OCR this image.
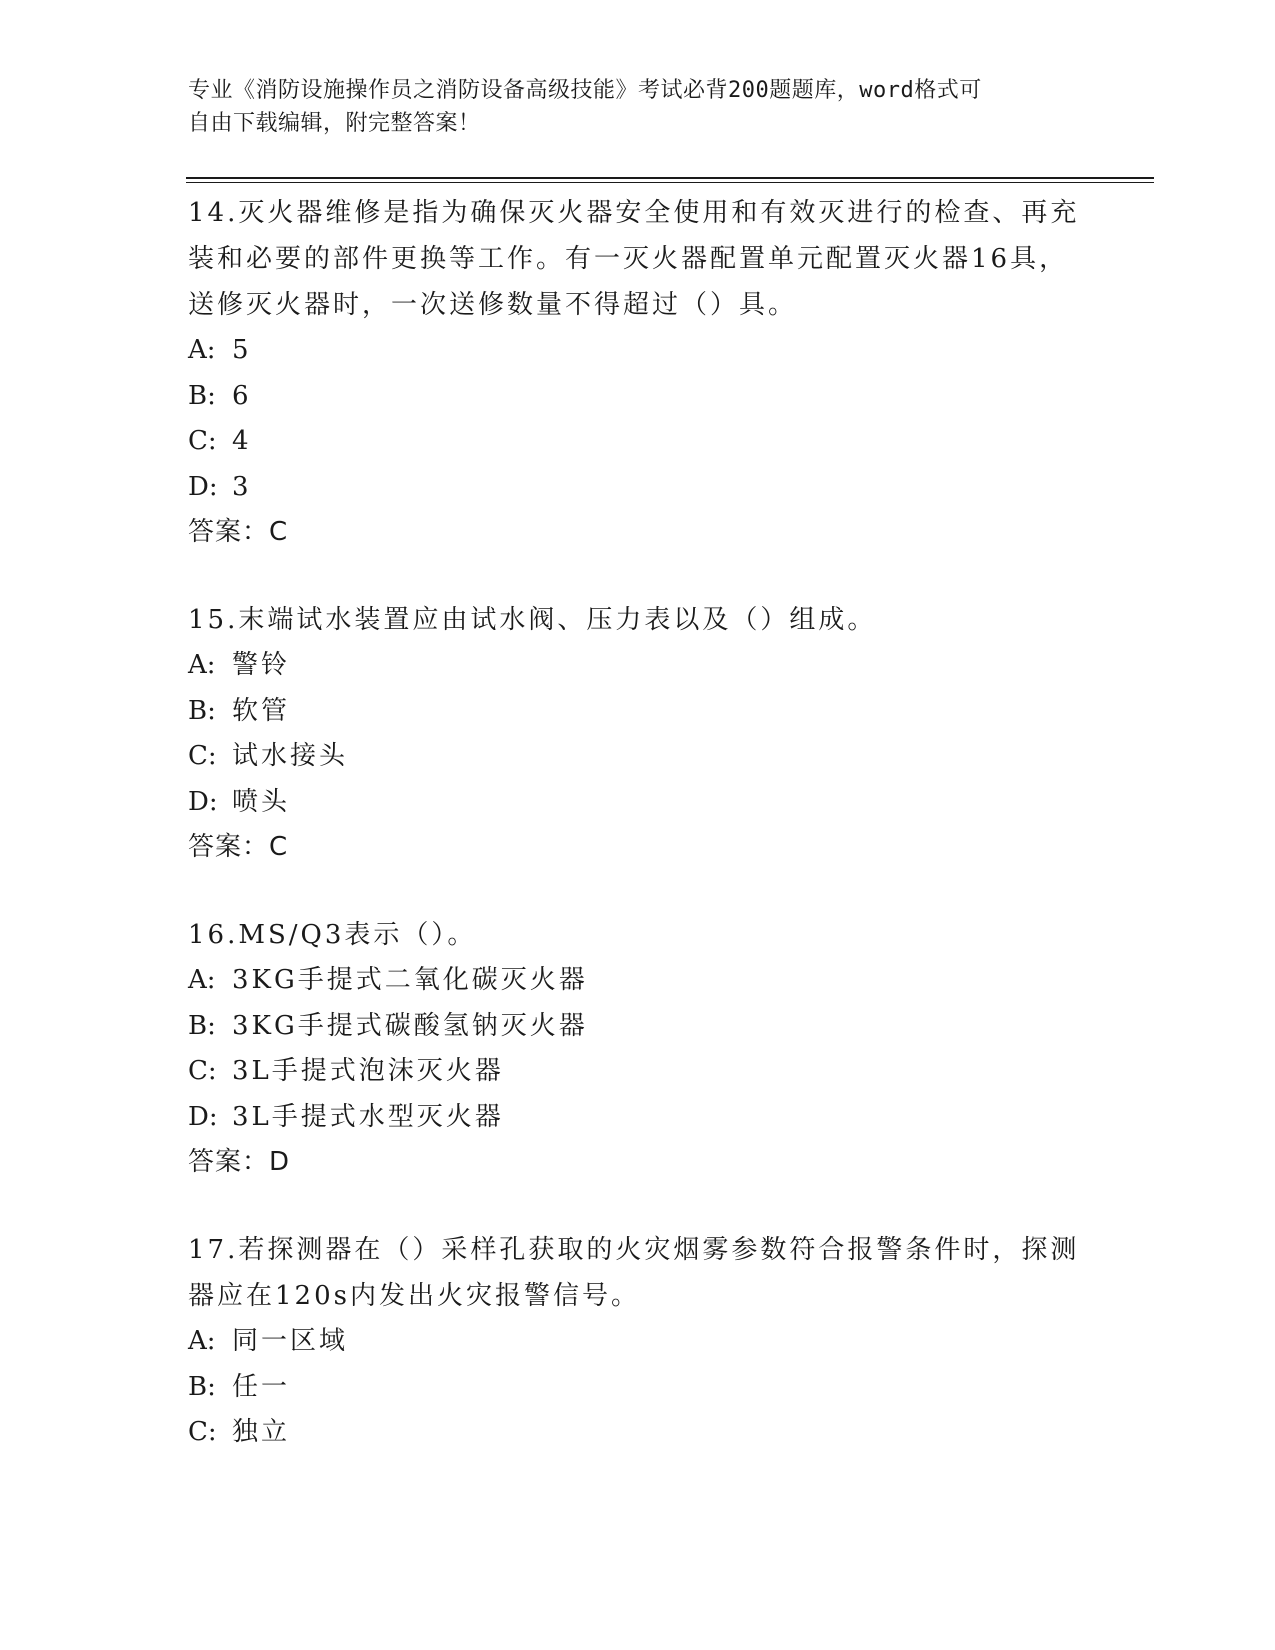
专业《消防设施操作员之消防设备高级技能》考试必背200题题库，word格式可
自由下载编辑，附完整答案！
14.灭火器维修是指为确保灭火器安全使用和有效灭进行的检查、再充
装和必要的部件更换等工作。有一灭火器配置单元配置灭火器16具，
送修灭火器时，一次送修数量不得超过（）具。
A: 5
B: 6
C: 4
D: 3
答案：C
15.末端试水装置应由试水阀、压力表以及（）组成。
A: 警铃
B: 软管
C: 试水接头
D: 喷头
答案：C
16.MS/Q3表示（）。
A: 3KG手提式二氧化碳灭火器
B: 3KG手提式碳酸氢钠灭火器
C: 3L手提式泡沫灭火器
D: 3L手提式水型灭火器
答案：D
17.若探测器在（）采样孔获取的火灾烟雾参数符合报警条件时，探测
器应在120s内发出火灾报警信号。
A: 同一区域
B: 任一
C: 独立
